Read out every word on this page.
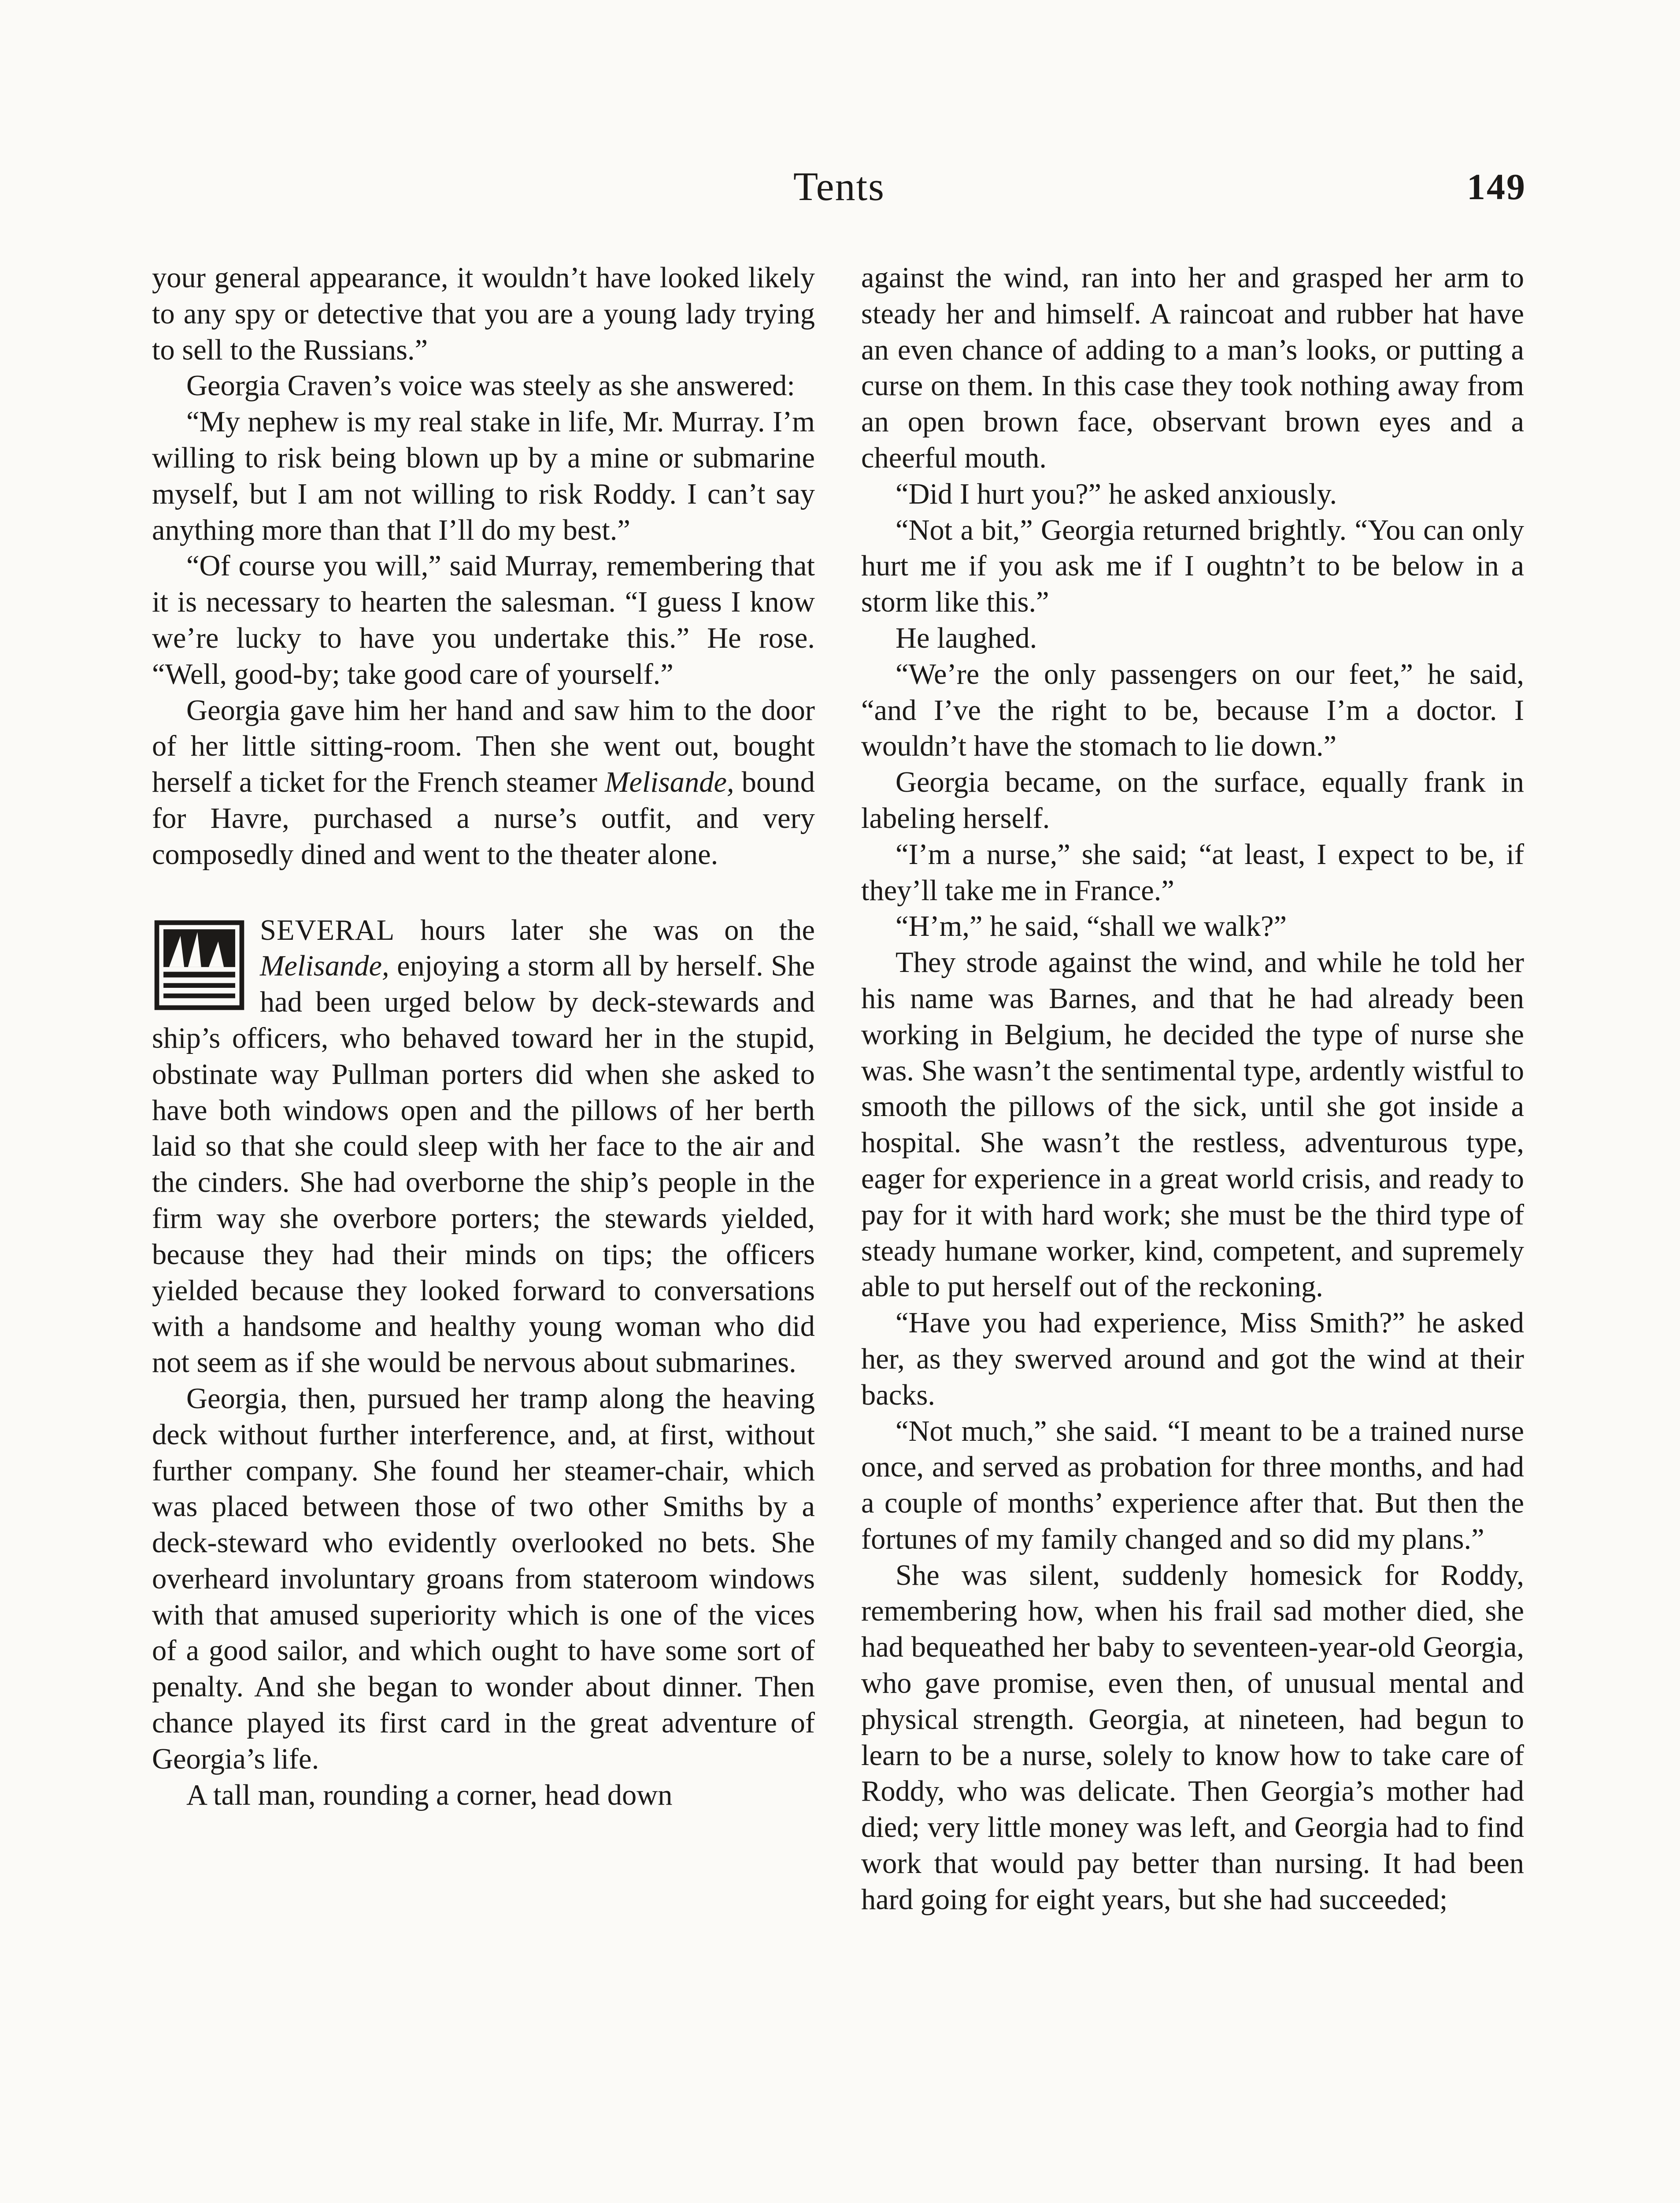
Tents	149

your general appearance, it wouldn’t have looked likely to any spy or detective that you are a young lady trying to sell to the Russians.”

Georgia Craven’s voice was steely as she answered:

“My nephew is my real stake in life, Mr. Murray. I’m willing to risk being blown up by a mine or submarine myself, but I am not willing to risk Roddy. I can’t say anything more than that I’ll do my best.”

“Of course you will,” said Murray, remembering that it is necessary to hearten the salesman. “I guess I know we’re lucky to have you undertake this.” He rose. “Well, good-by; take good care of yourself.”

Georgia gave him her hand and saw him to the door of her little sitting-room. Then she went out, bought herself a ticket for the French steamer Melisande, bound for Havre, purchased a nurse’s outfit, and very composedly dined and went to the theater alone.

SEVERAL hours later she was on the Melisande, enjoying a storm all by herself. She had been urged below by deck-stewards and ship’s officers, who behaved toward her in the stupid, obstinate way Pullman porters did when she asked to have both windows open and the pillows of her berth laid so that she could sleep with her face to the air and the cinders. She had overborne the ship’s people in the firm way she overbore porters; the stewards yielded, because they had their minds on tips; the officers yielded because they looked forward to conversations with a handsome and healthy young woman who did not seem as if she would be nervous about submarines.

Georgia, then, pursued her tramp along the heaving deck without further interference, and, at first, without further company. She found her steamer-chair, which was placed between those of two other Smiths by a deck-steward who evidently overlooked no bets. She overheard involuntary groans from stateroom windows with that amused superiority which is one of the vices of a good sailor, and which ought to have some sort of penalty. And she began to wonder about dinner. Then chance played its first card in the great adventure of Georgia’s life.

A tall man, rounding a corner, head down

against the wind, ran into her and grasped her arm to steady her and himself. A raincoat and rubber hat have an even chance of adding to a man’s looks, or putting a curse on them. In this case they took nothing away from an open brown face, observant brown eyes and a cheerful mouth.

“Did I hurt you?” he asked anxiously.

“Not a bit,” Georgia returned brightly. “You can only hurt me if you ask me if I oughtn’t to be below in a storm like this.”

He laughed.

“We’re the only passengers on our feet,” he said, “and I’ve the right to be, because I’m a doctor. I wouldn’t have the stomach to lie down.”

Georgia became, on the surface, equally frank in labeling herself.

“I’m a nurse,” she said; “at least, I expect to be, if they’ll take me in France.”

“H’m,” he said, “shall we walk?”

They strode against the wind, and while he told her his name was Barnes, and that he had already been working in Belgium, he decided the type of nurse she was. She wasn’t the sentimental type, ardently wistful to smooth the pillows of the sick, until she got inside a hospital. She wasn’t the restless, adventurous type, eager for experience in a great world crisis, and ready to pay for it with hard work; she must be the third type of steady humane worker, kind, competent, and supremely able to put herself out of the reckoning.

“Have you had experience, Miss Smith?” he asked her, as they swerved around and got the wind at their backs.

“Not much,” she said. “I meant to be a trained nurse once, and served as probation for three months, and had a couple of months’ experience after that. But then the fortunes of my family changed and so did my plans.”

She was silent, suddenly homesick for Roddy, remembering how, when his frail sad mother died, she had bequeathed her baby to seventeen-year-old Georgia, who gave promise, even then, of unusual mental and physical strength. Georgia, at nineteen, had begun to learn to be a nurse, solely to know how to take care of Roddy, who was delicate. Then Georgia’s mother had died; very little money was left, and Georgia had to find work that would pay better than nursing. It had been hard going for eight years, but she had succeeded;
